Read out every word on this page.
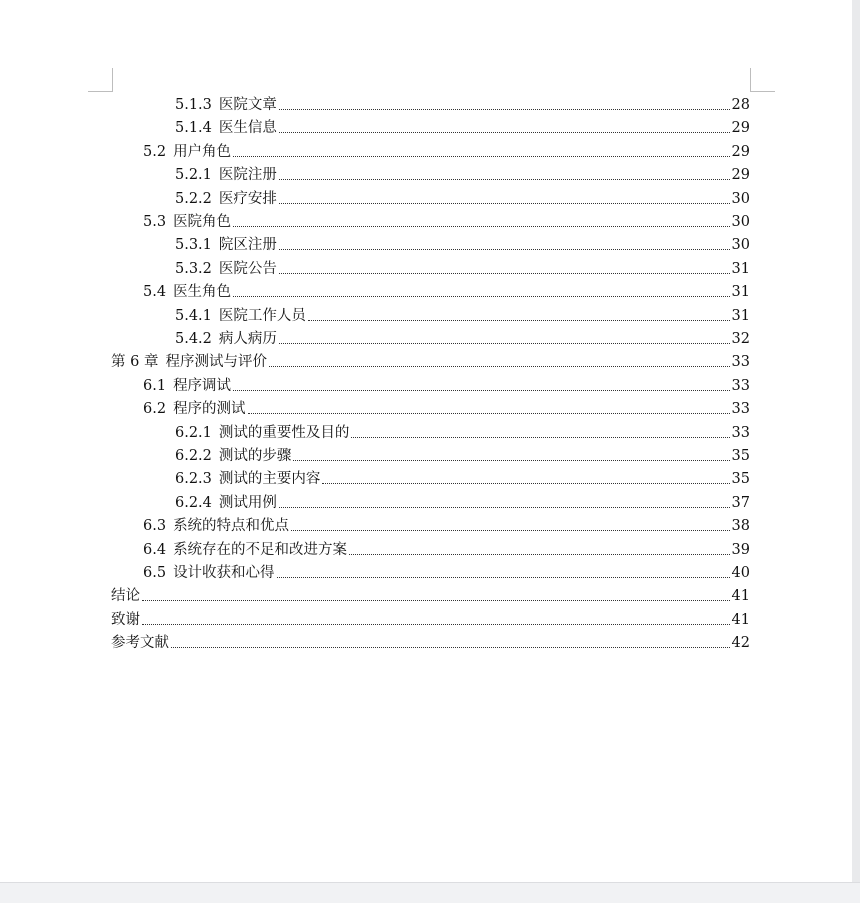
5.1.3 医院文章	28
5.1.4 医生信息	29
5.2 用户角色	29
5.2.1 医院注册	29
5.2.2 医疗安排	30
5.3 医院角色	30
5.3.1 院区注册	30
5.3.2 医院公告	31
5.4 医生角色	31
5.4.1 医院工作人员	31
5.4.2 病人病历	32
第 6 章 程序测试与评价	33
6.1 程序调试	33
6.2 程序的测试	33
6.2.1 测试的重要性及目的	33
6.2.2 测试的步骤	35
6.2.3 测试的主要内容	35
6.2.4 测试用例	37
6.3 系统的特点和优点	38
6.4 系统存在的不足和改进方案	39
6.5 设计收获和心得	40
结论	41
致谢	41
参考文献	42
